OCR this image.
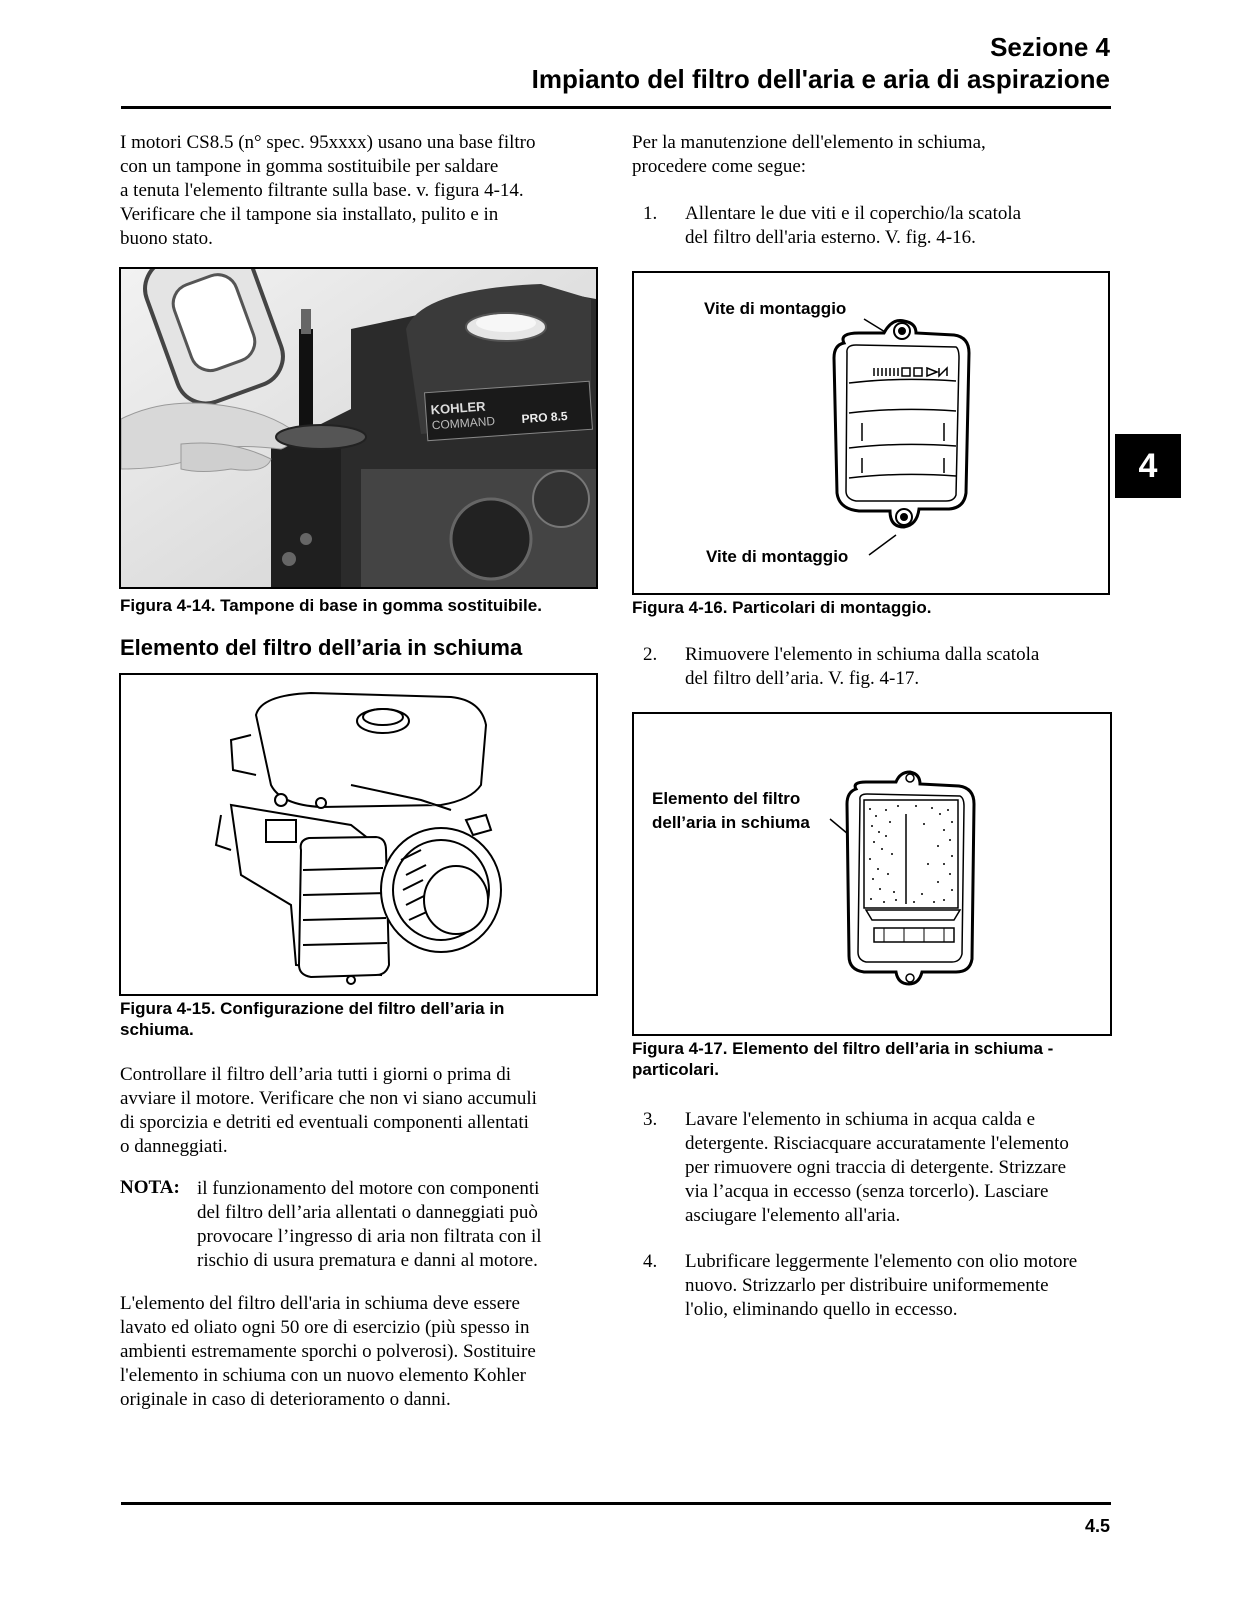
Sezione 4
Impianto del filtro dell'aria e aria di aspirazione
4
I motori CS8.5 (n° spec. 95xxxx) usano una base filtro
con un tampone in gomma sostituibile per saldare
a tenuta l'elemento filtrante sulla base. v. figura 4-14.
Verificare che il tampone sia installato, pulito e in
buono stato.
KOHLER
COMMAND PRO 8.5
Figura 4-14. Tampone di base in gomma sostituibile.
Elemento del filtro dell’aria in schiuma
Figura 4-15. Configurazione del filtro dell’aria in
schiuma.
Controllare il filtro dell’aria tutti i giorni o prima di
avviare il motore. Verificare che non vi siano accumuli
di sporcizia e detriti ed eventuali componenti allentati
o danneggiati.
NOTA: il funzionamento del motore con componenti
del filtro dell’aria allentati o danneggiati può
provocare l’ingresso di aria non filtrata con il
rischio di usura prematura e danni al motore.
L'elemento del filtro dell'aria in schiuma deve essere
lavato ed oliato ogni 50 ore di esercizio (più spesso in
ambienti estremamente sporchi o polverosi). Sostituire
l'elemento in schiuma con un nuovo elemento Kohler
originale in caso di deterioramento o danni.
Per la manutenzione dell'elemento in schiuma,
procedere come segue:
1. Allentare le due viti e il coperchio/la scatola
del filtro dell'aria esterno. V. fig. 4-16.
Vite di montaggio
Vite di montaggio
Figura 4-16. Particolari di montaggio.
2. Rimuovere l'elemento in schiuma dalla scatola
del filtro dell’aria. V. fig. 4-17.
Elemento del filtro
dell’aria in schiuma
Figura 4-17. Elemento del filtro dell’aria in schiuma -
particolari.
3. Lavare l'elemento in schiuma in acqua calda e
detergente. Risciacquare accuratamente l'elemento
per rimuovere ogni traccia di detergente. Strizzare
via l’acqua in eccesso (senza torcerlo). Lasciare
asciugare l'elemento all'aria.
4. Lubrificare leggermente l'elemento con olio motore
nuovo. Strizzarlo per distribuire uniformemente
l'olio, eliminando quello in eccesso.
4.5
